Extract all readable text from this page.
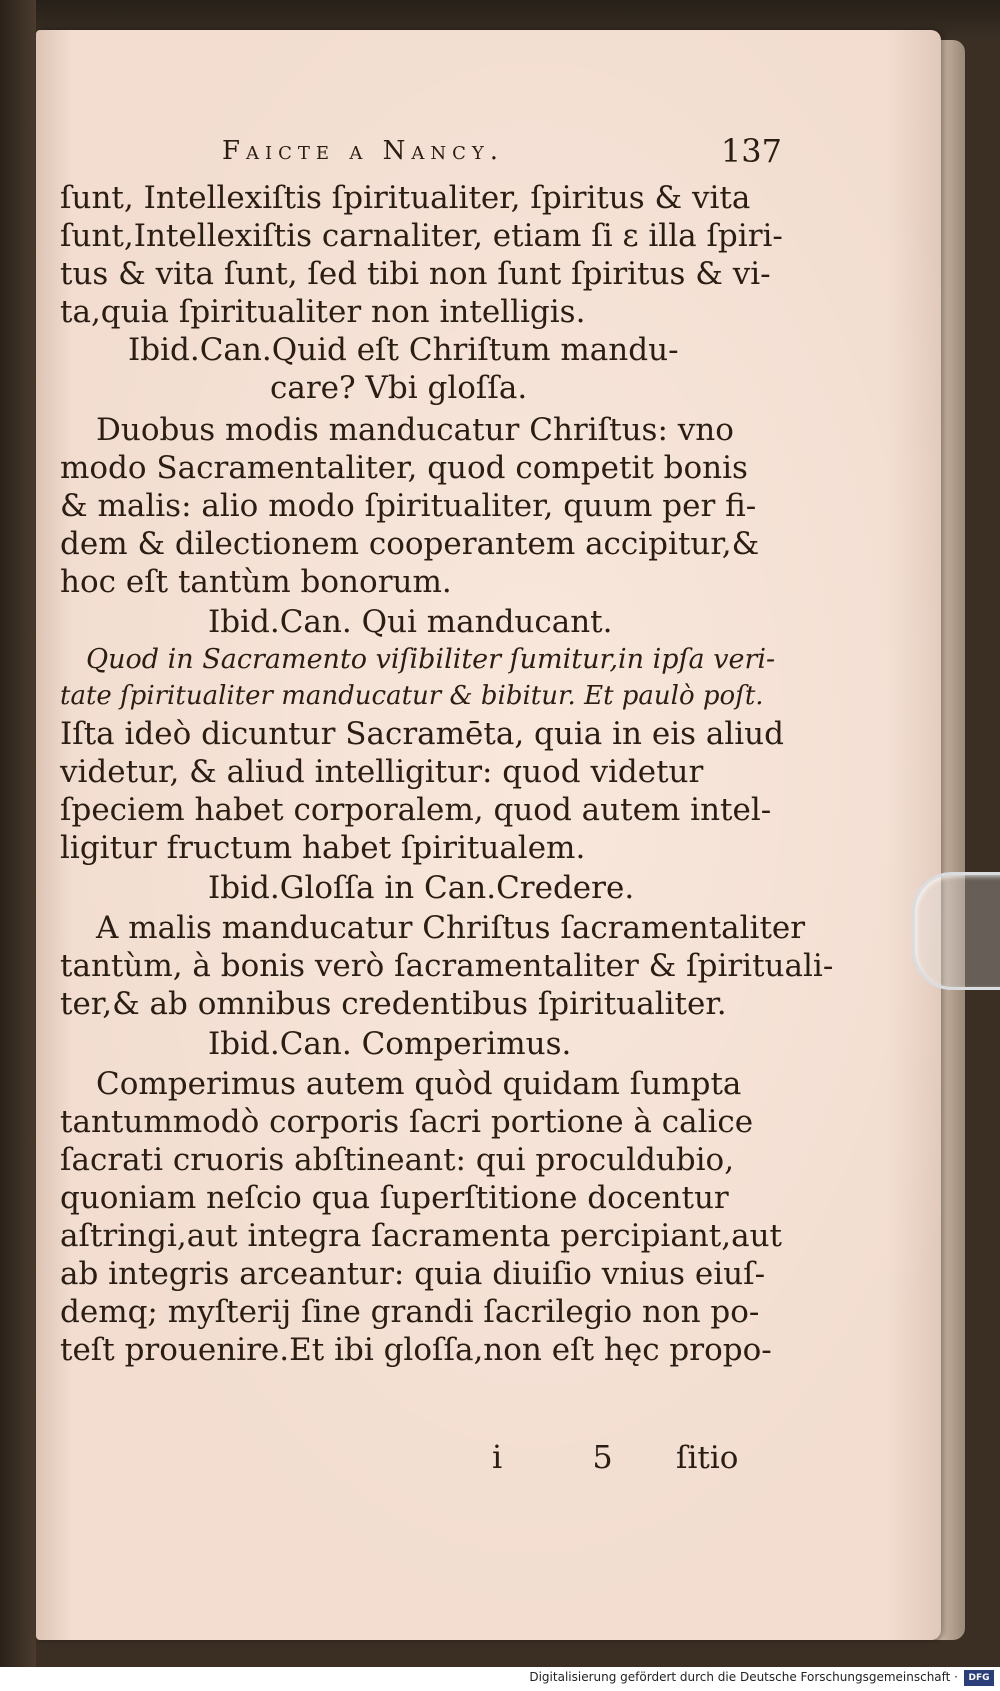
Faicte a Nancy.	137
ſunt, Intellexiſtis ſpiritualiter, ſpiritus & vita
ſunt,Intellexiſtis carnaliter, etiam ſi ε illa ſpiri-
tus & vita ſunt, ſed tibi non ſunt ſpiritus & vi-
ta,quia ſpiritualiter non intelligis.
Ibid.Can.Quid eſt Chriſtum mandu-
care? Vbi gloſſa.
Duobus modis manducatur Chriſtus: vno
modo Sacramentaliter, quod competit bonis
& malis: alio modo ſpiritualiter, quum per fi-
dem & dilectionem cooperantem accipitur,&
hoc eſt tantùm bonorum.
Ibid.Can. Qui manducant.
Quod in Sacramento viſibiliter ſumitur,in ipſa veri-
tate ſpiritualiter manducatur & bibitur. Et paulò poſt.
Iſta ideò dicuntur Sacramēta, quia in eis aliud
videtur, & aliud intelligitur: quod videtur
ſpeciem habet corporalem, quod autem intel-
ligitur fructum habet ſpiritualem.
Ibid.Gloſſa in Can.Credere.
A malis manducatur Chriſtus ſacramentaliter
tantùm, à bonis verò ſacramentaliter & ſpirituali-
ter,& ab omnibus credentibus ſpiritualiter.
Ibid.Can. Comperimus.
Comperimus autem quòd quidam ſumpta
tantummodò corporis ſacri portione à calice
ſacrati cruoris abſtineant: qui proculdubio,
quoniam neſcio qua ſuperſtitione docentur
aſtringi,aut integra ſacramenta percipiant,aut
ab integris arceantur: quia diuiſio vnius eiuſ-
demq; myſterij ſine grandi ſacrilegio non po-
teſt prouenire.Et ibi gloſſa,non eſt hęc propo-
i 5 ſitio
Digitalisierung gefördert durch die Deutsche Forschungsgemeinschaft ·	DFG
